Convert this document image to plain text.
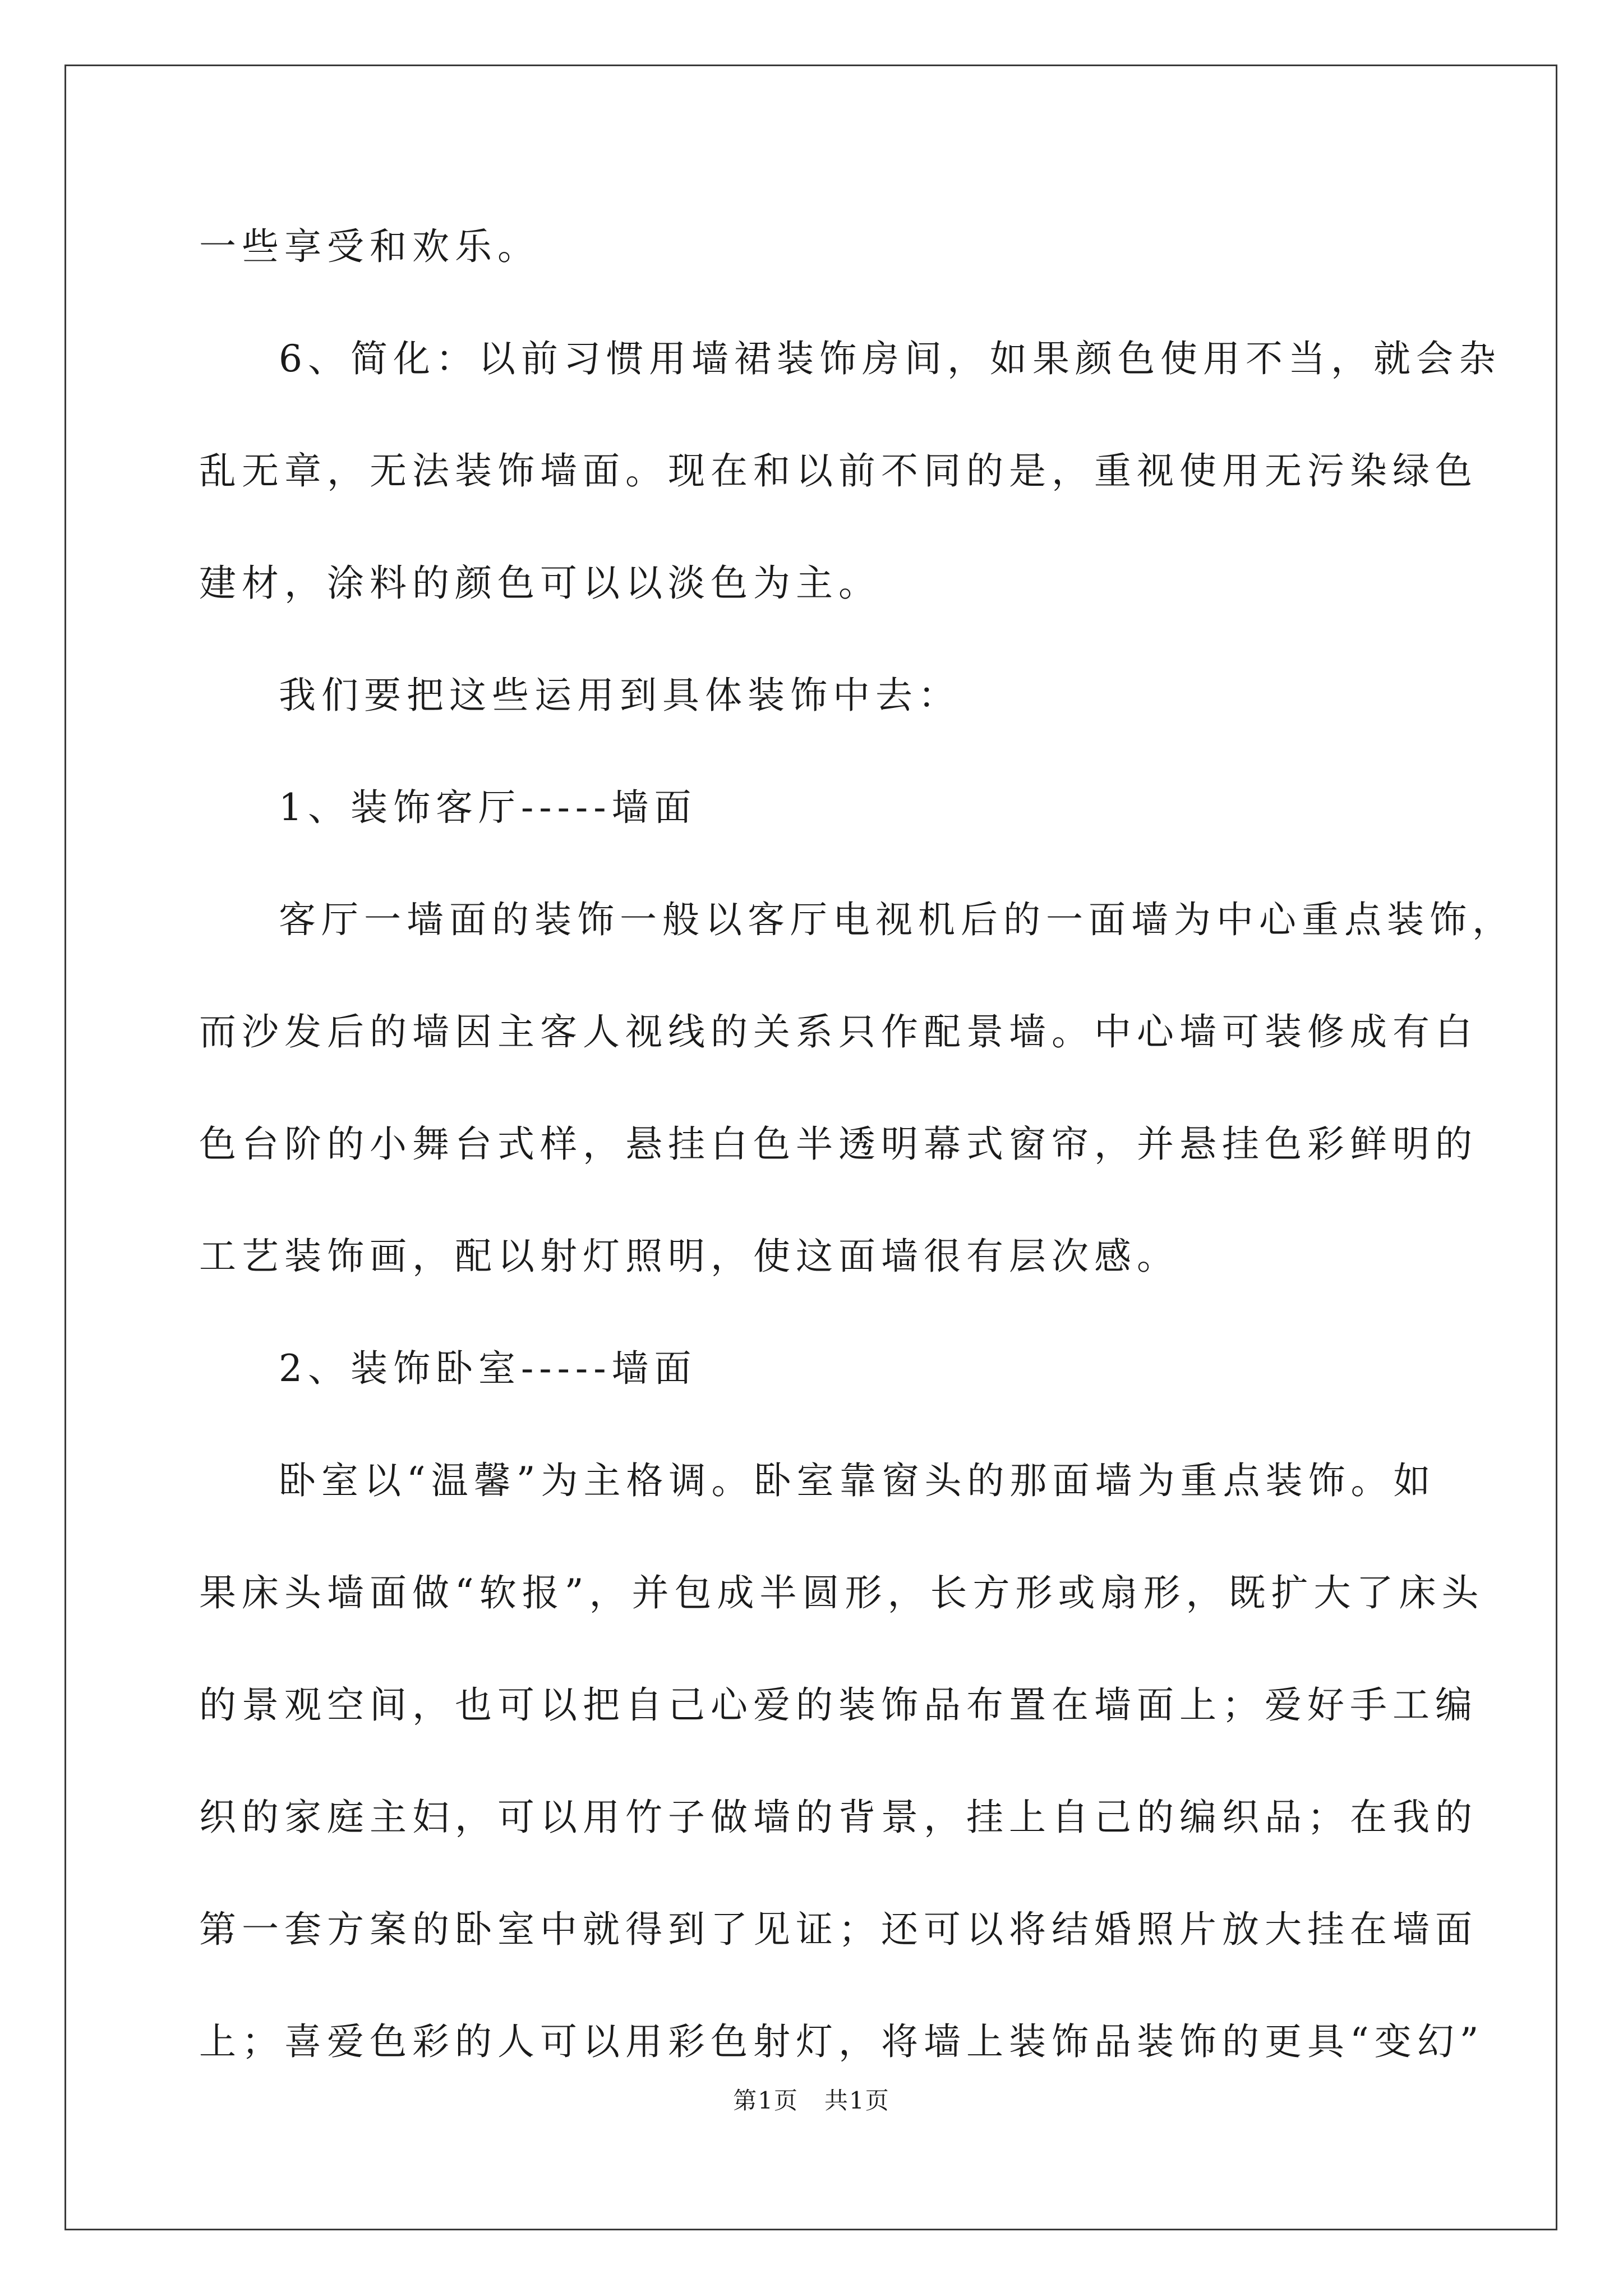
一些享受和欢乐。
6、简化：以前习惯用墙裙装饰房间，如果颜色使用不当，就会杂
乱无章，无法装饰墙面。现在和以前不同的是，重视使用无污染绿色
建材，涂料的颜色可以以淡色为主。
我们要把这些运用到具体装饰中去：
1、装饰客厅-----墙面
客厅一墙面的装饰一般以客厅电视机后的一面墙为中心重点装饰，
而沙发后的墙因主客人视线的关系只作配景墙。中心墙可装修成有白
色台阶的小舞台式样，悬挂白色半透明幕式窗帘，并悬挂色彩鲜明的
工艺装饰画，配以射灯照明，使这面墙很有层次感。
2、装饰卧室-----墙面
卧室以“温馨”为主格调。卧室靠窗头的那面墙为重点装饰。如
果床头墙面做“软报”，并包成半圆形，长方形或扇形，既扩大了床头
的景观空间，也可以把自己心爱的装饰品布置在墙面上；爱好手工编
织的家庭主妇，可以用竹子做墙的背景，挂上自己的编织品；在我的
第一套方案的卧室中就得到了见证；还可以将结婚照片放大挂在墙面
上；喜爱色彩的人可以用彩色射灯，将墙上装饰品装饰的更具“变幻”
第1页 共1页
